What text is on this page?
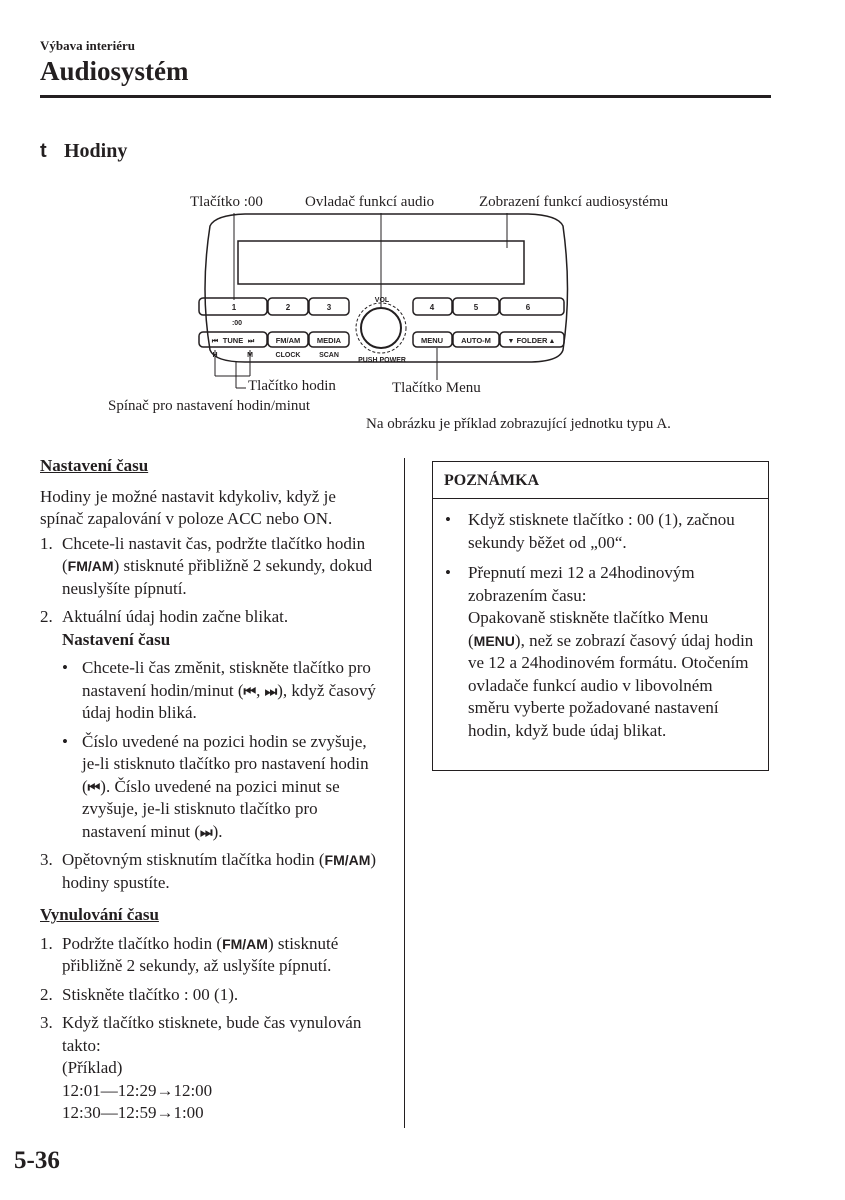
Výbava interiéru
Audiosystém
t Hodiny
Tlačítko :00	Ovladač funkcí audio	Zobrazení funkcí audiosystému
Tlačítko hodin
Spínač pro nastavení hodin/minut
Tlačítko Menu
Na obrázku je příklad zobrazující jednotku typu A.
1	2	3	4	5	6
:00
VOL
PUSH POWER
TUNE
⏮	⏭
H	M
FM/AM
CLOCK
MEDIA
SCAN
MENU AUTO-M ▼ FOLDER ▲

Nastavení času

Hodiny je možné nastavit kdykoliv, když je spínač zapalování v poloze ACC nebo ON.

1. Chcete-li nastavit čas, podržte tlačítko hodin (FM/AM) stisknuté přibližně 2 sekundy, dokud neuslyšíte pípnutí.
2. Aktuální údaj hodin začne blikat.
Nastavení času
• Chcete-li čas změnit, stiskněte tlačítko pro nastavení hodin/minut (⏮, ⏭), když časový údaj hodin bliká.
• Číslo uvedené na pozici hodin se zvyšuje, je-li stisknuto tlačítko pro nastavení hodin (⏮). Číslo uvedené na pozici minut se zvyšuje, je-li stisknuto tlačítko pro nastavení minut (⏭).
3. Opětovným stisknutím tlačítka hodin (FM/AM) hodiny spustíte.

Vynulování času

1. Podržte tlačítko hodin (FM/AM) stisknuté přibližně 2 sekundy, až uslyšíte pípnutí.
2. Stiskněte tlačítko : 00 (1).
3. Když tlačítko stisknete, bude čas vynulován takto:
(Příklad)
12:01—12:29→12:00
12:30—12:59→1:00
POZNÁMKA
•	Když stisknete tlačítko : 00 (1), začnou sekundy běžet od „00“.
•	Přepnutí mezi 12 a 24hodinovým zobrazením času:
Opakovaně stiskněte tlačítko Menu (MENU), než se zobrazí časový údaj hodin ve 12 a 24hodinovém formátu. Otočením ovladače funkcí audio v libovolném směru vyberte požadované nastavení hodin, když bude údaj blikat.
5-36
